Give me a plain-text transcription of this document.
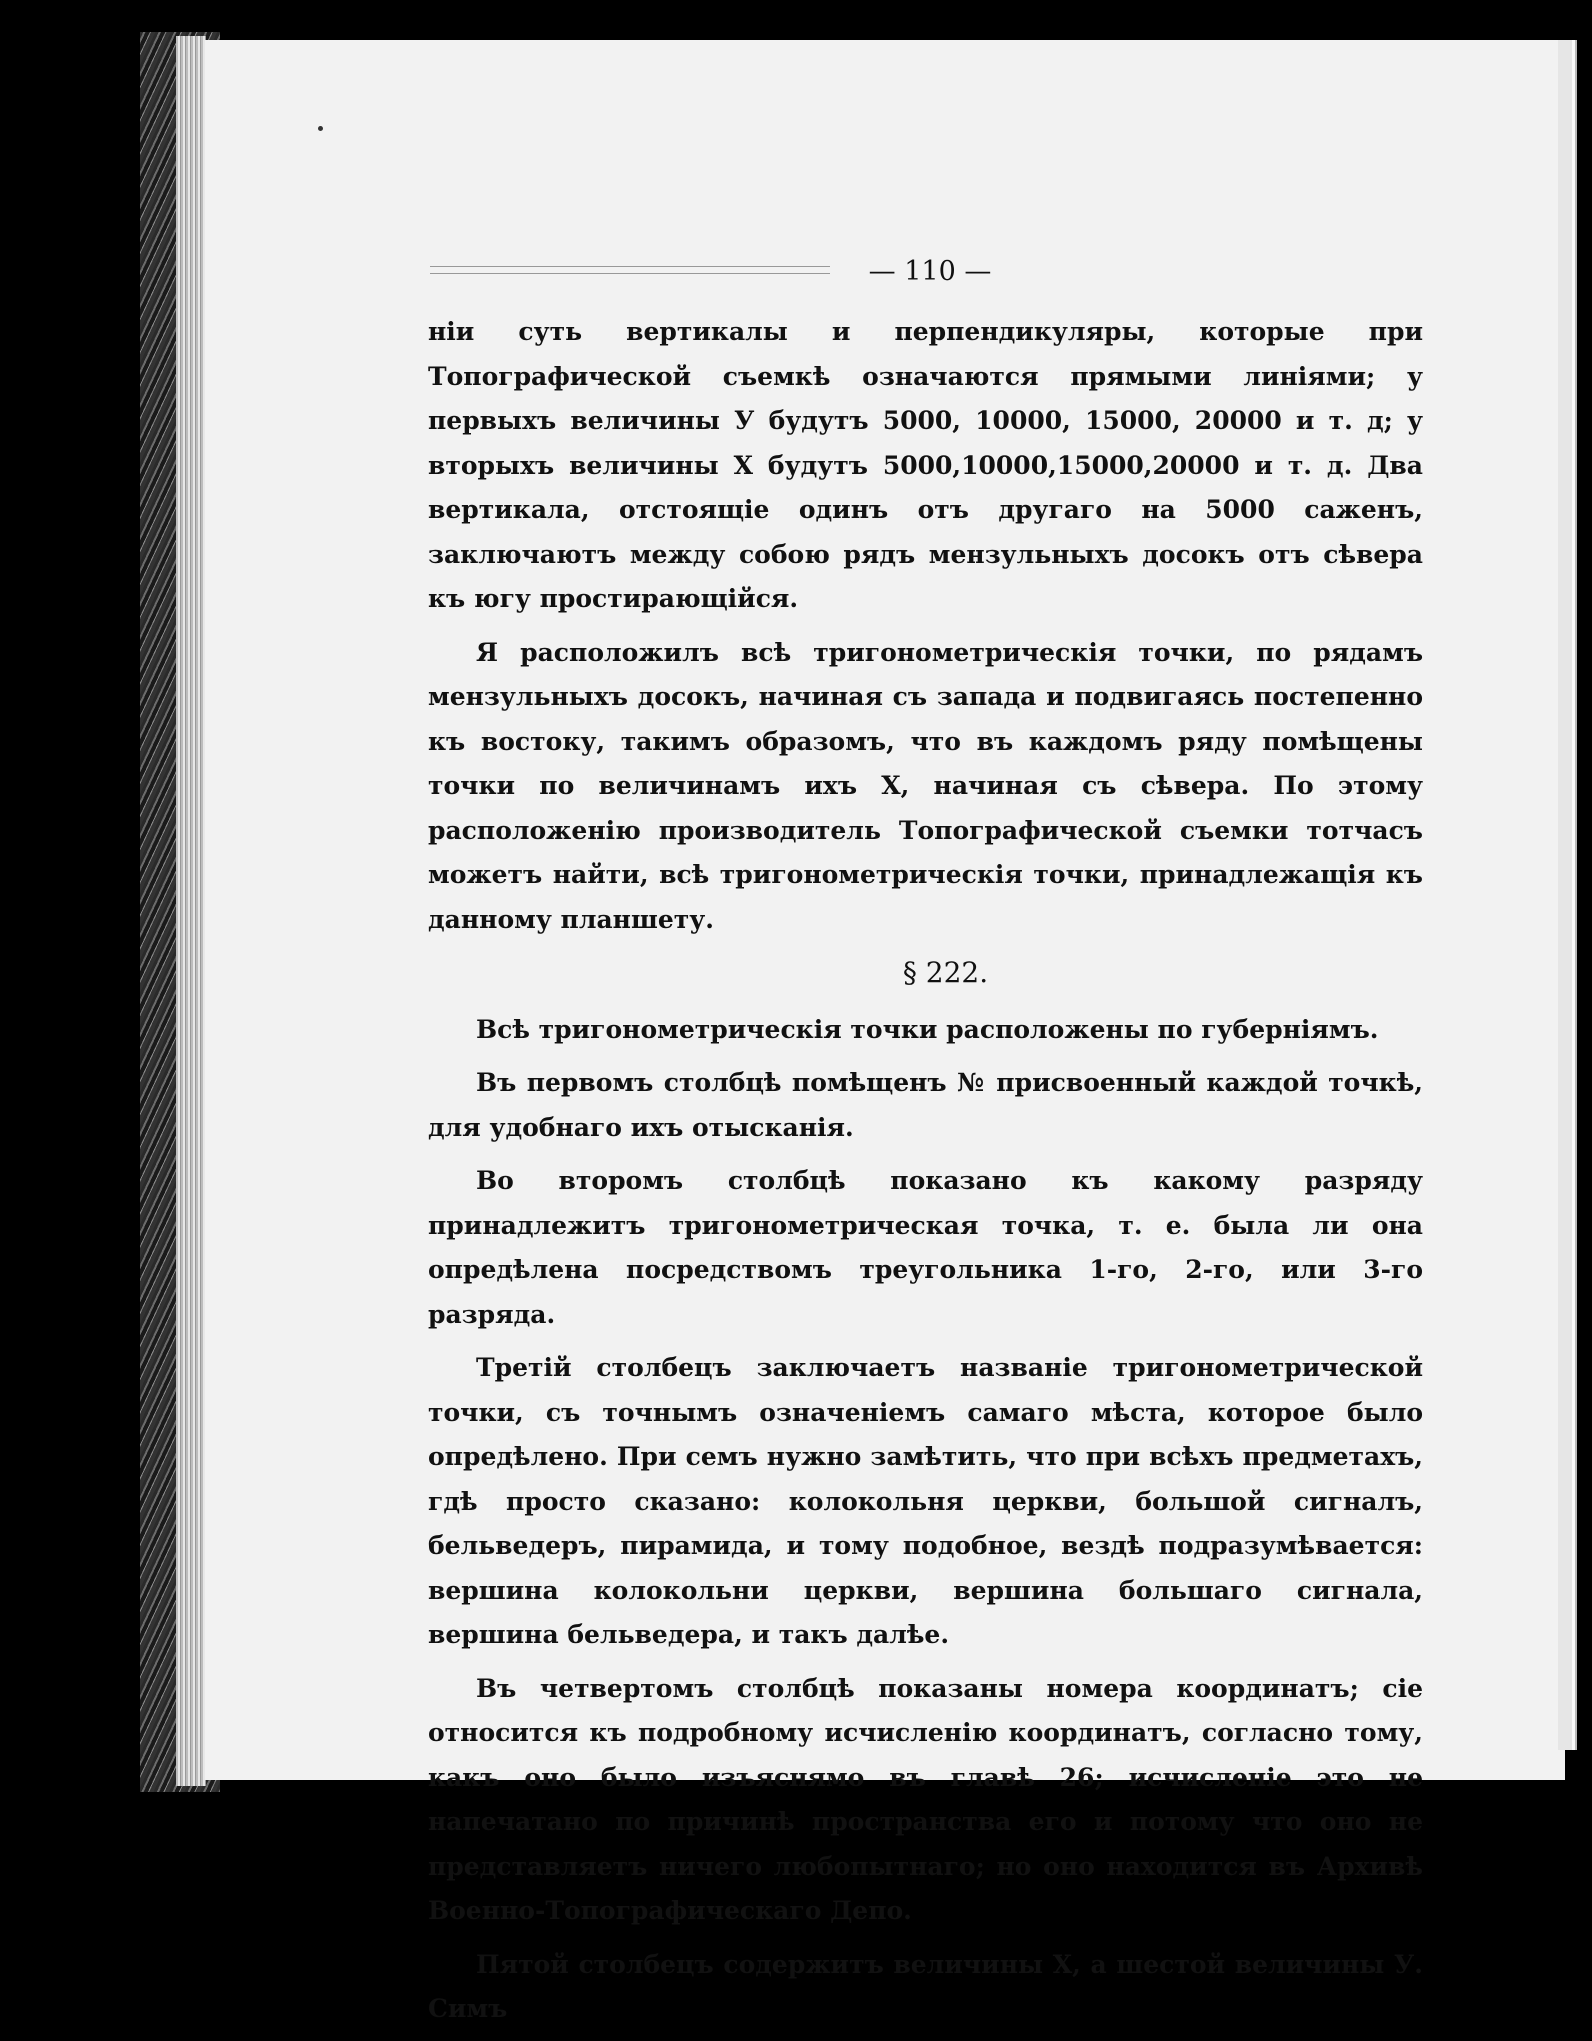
— 110 —

нiи суть вертикалы и перпендикуляры, которые при Топографической съемкѣ означаются прямыми линiями; у первыхъ величины У будутъ 5000, 10000, 15000, 20000 и т. д; у вторыхъ величины X будутъ 5000,10000,15000,20000 и т. д. Два вертикала, отстоящiе одинъ отъ другаго на 5000 саженъ, заключаютъ между собою рядъ мензульныхъ досокъ отъ сѣвера къ югу простирающiйся.

Я расположилъ всѣ тригонометрическiя точки, по рядамъ мензульныхъ досокъ, начиная съ запада и подвигаясь постепенно къ востоку, такимъ образомъ, что въ каждомъ ряду помѣщены точки по величинамъ ихъ X, начиная съ сѣвера. По этому расположенiю производитель Топографической съемки тотчасъ можетъ найти, всѣ тригонометрическiя точки, принадлежащiя къ данному планшету.

§ 222.

Всѣ тригонометрическiя точки расположены по губернiямъ.

Въ первомъ столбцѣ помѣщенъ № присвоенный каждой точкѣ, для удобнаго ихъ отысканiя.

Во второмъ столбцѣ показано къ какому разряду принадлежитъ тригонометрическая точка, т. е. была ли она опредѣлена посредствомъ треугольника 1-го, 2-го, или 3-го разряда.

Третiй столбецъ заключаетъ названiе тригонометрической точки, съ точнымъ означенiемъ самаго мѣста, которое было опредѣлено. При семъ нужно замѣтить, что при всѣхъ предметахъ, гдѣ просто сказано: колокольня церкви, большой сигналъ, бельведеръ, пирамида, и тому подобное, вездѣ подразумѣвается: вершина колокольни церкви, вершина большаго сигнала, вершина бельведера, и такъ далѣе.

Въ четвертомъ столбцѣ показаны номера координатъ; сiе относится къ подробному исчисленiю координатъ, согласно тому, какъ оно было изъяснямо въ главѣ 26; исчисленiе это не напечатано по причинѣ пространства его и потому что оно не представляетъ ничего любопытнаго; но оно находится въ Архивѣ Военно-Топографическаго Депо.

Пятой столбецъ содержитъ величины X, а шестой величины У. Симъ
